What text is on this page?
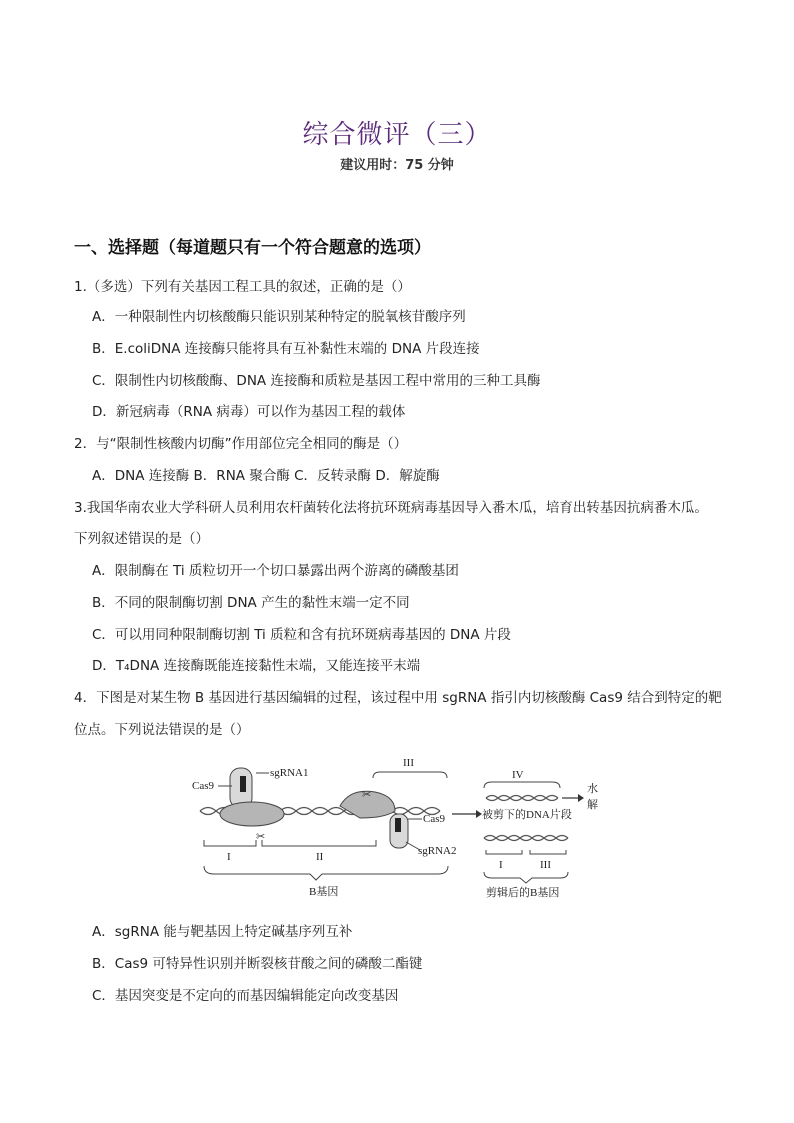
综合微评（三）
建议用时：75 分钟
一、选择题（每道题只有一个符合题意的选项）
1.（多选）下列有关基因工程工具的叙述，正确的是（）
A．一种限制性内切核酸酶只能识别某种特定的脱氧核苷酸序列
B．E.coliDNA 连接酶只能将具有互补黏性末端的 DNA 片段连接
C．限制性内切核酸酶、DNA 连接酶和质粒是基因工程中常用的三种工具酶
D．新冠病毒（RNA 病毒）可以作为基因工程的载体
2．与“限制性核酸内切酶”作用部位完全相同的酶是（）
A．DNA 连接酶 B．RNA 聚合酶 C．反转录酶 D．解旋酶
3.我国华南农业大学科研人员利用农杆菌转化法将抗环斑病毒基因导入番木瓜，培育出转基因抗病番木瓜。
下列叙述错误的是（）
A．限制酶在 Ti 质粒切开一个切口暴露出两个游离的磷酸基团
B．不同的限制酶切割 DNA 产生的黏性末端一定不同
C．可以用同种限制酶切割 Ti 质粒和含有抗环斑病毒基因的 DNA 片段
D．T₄DNA 连接酶既能连接黏性末端，又能连接平末端
4．下图是对某生物 B 基因进行基因编辑的过程，该过程中用 sgRNA 指引内切核酸酶 Cas9 结合到特定的靶
位点。下列说法错误的是（）
✂
✂
Cas9
sgRNA1
III
Cas9
sgRNA2
I	II
B基因
IV
水
解
被剪下的DNA片段
I	III
剪辑后的B基因
A．sgRNA 能与靶基因上特定碱基序列互补
B．Cas9 可特异性识别并断裂核苷酸之间的磷酸二酯键
C．基因突变是不定向的而基因编辑能定向改变基因
